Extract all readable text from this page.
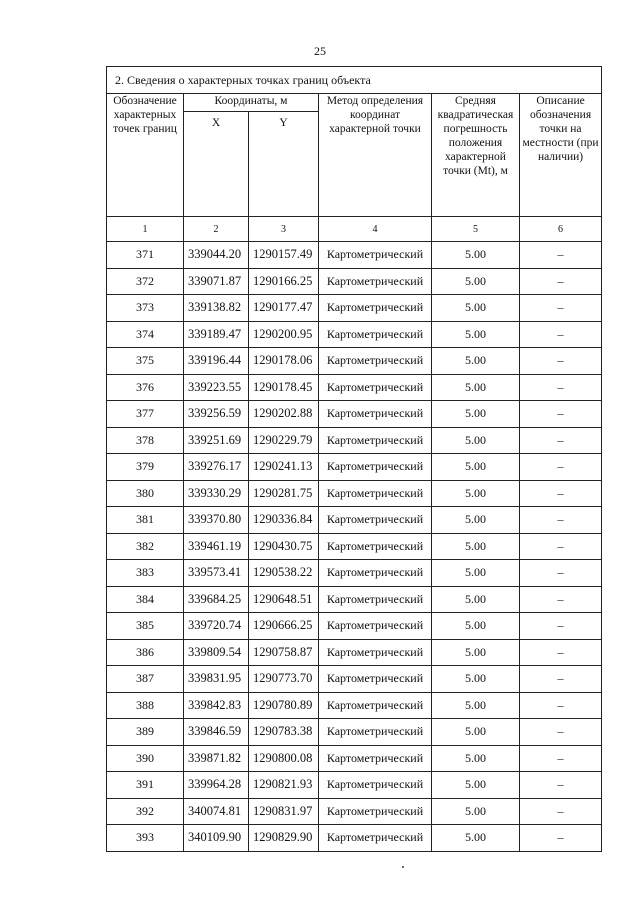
25
2. Сведения о характерных точках границ объекта					
Обозначение характерных точек границ	Координаты, м		Метод определения координат характерной точки	Средняя квадратическая погрешность положения характерной точки (Mt), м	Описание обозначения точки на местности (при наличии)
	X	Y			
1	2	3	4	5	6
371	339044.20	1290157.49	Картометрический	5.00	–
372	339071.87	1290166.25	Картометрический	5.00	–
373	339138.82	1290177.47	Картометрический	5.00	–
374	339189.47	1290200.95	Картометрический	5.00	–
375	339196.44	1290178.06	Картометрический	5.00	–
376	339223.55	1290178.45	Картометрический	5.00	–
377	339256.59	1290202.88	Картометрический	5.00	–
378	339251.69	1290229.79	Картометрический	5.00	–
379	339276.17	1290241.13	Картометрический	5.00	–
380	339330.29	1290281.75	Картометрический	5.00	–
381	339370.80	1290336.84	Картометрический	5.00	–
382	339461.19	1290430.75	Картометрический	5.00	–
383	339573.41	1290538.22	Картометрический	5.00	–
384	339684.25	1290648.51	Картометрический	5.00	–
385	339720.74	1290666.25	Картометрический	5.00	–
386	339809.54	1290758.87	Картометрический	5.00	–
387	339831.95	1290773.70	Картометрический	5.00	–
388	339842.83	1290780.89	Картометрический	5.00	–
389	339846.59	1290783.38	Картометрический	5.00	–
390	339871.82	1290800.08	Картометрический	5.00	–
391	339964.28	1290821.93	Картометрический	5.00	–
392	340074.81	1290831.97	Картометрический	5.00	–
393	340109.90	1290829.90	Картометрический	5.00	–
